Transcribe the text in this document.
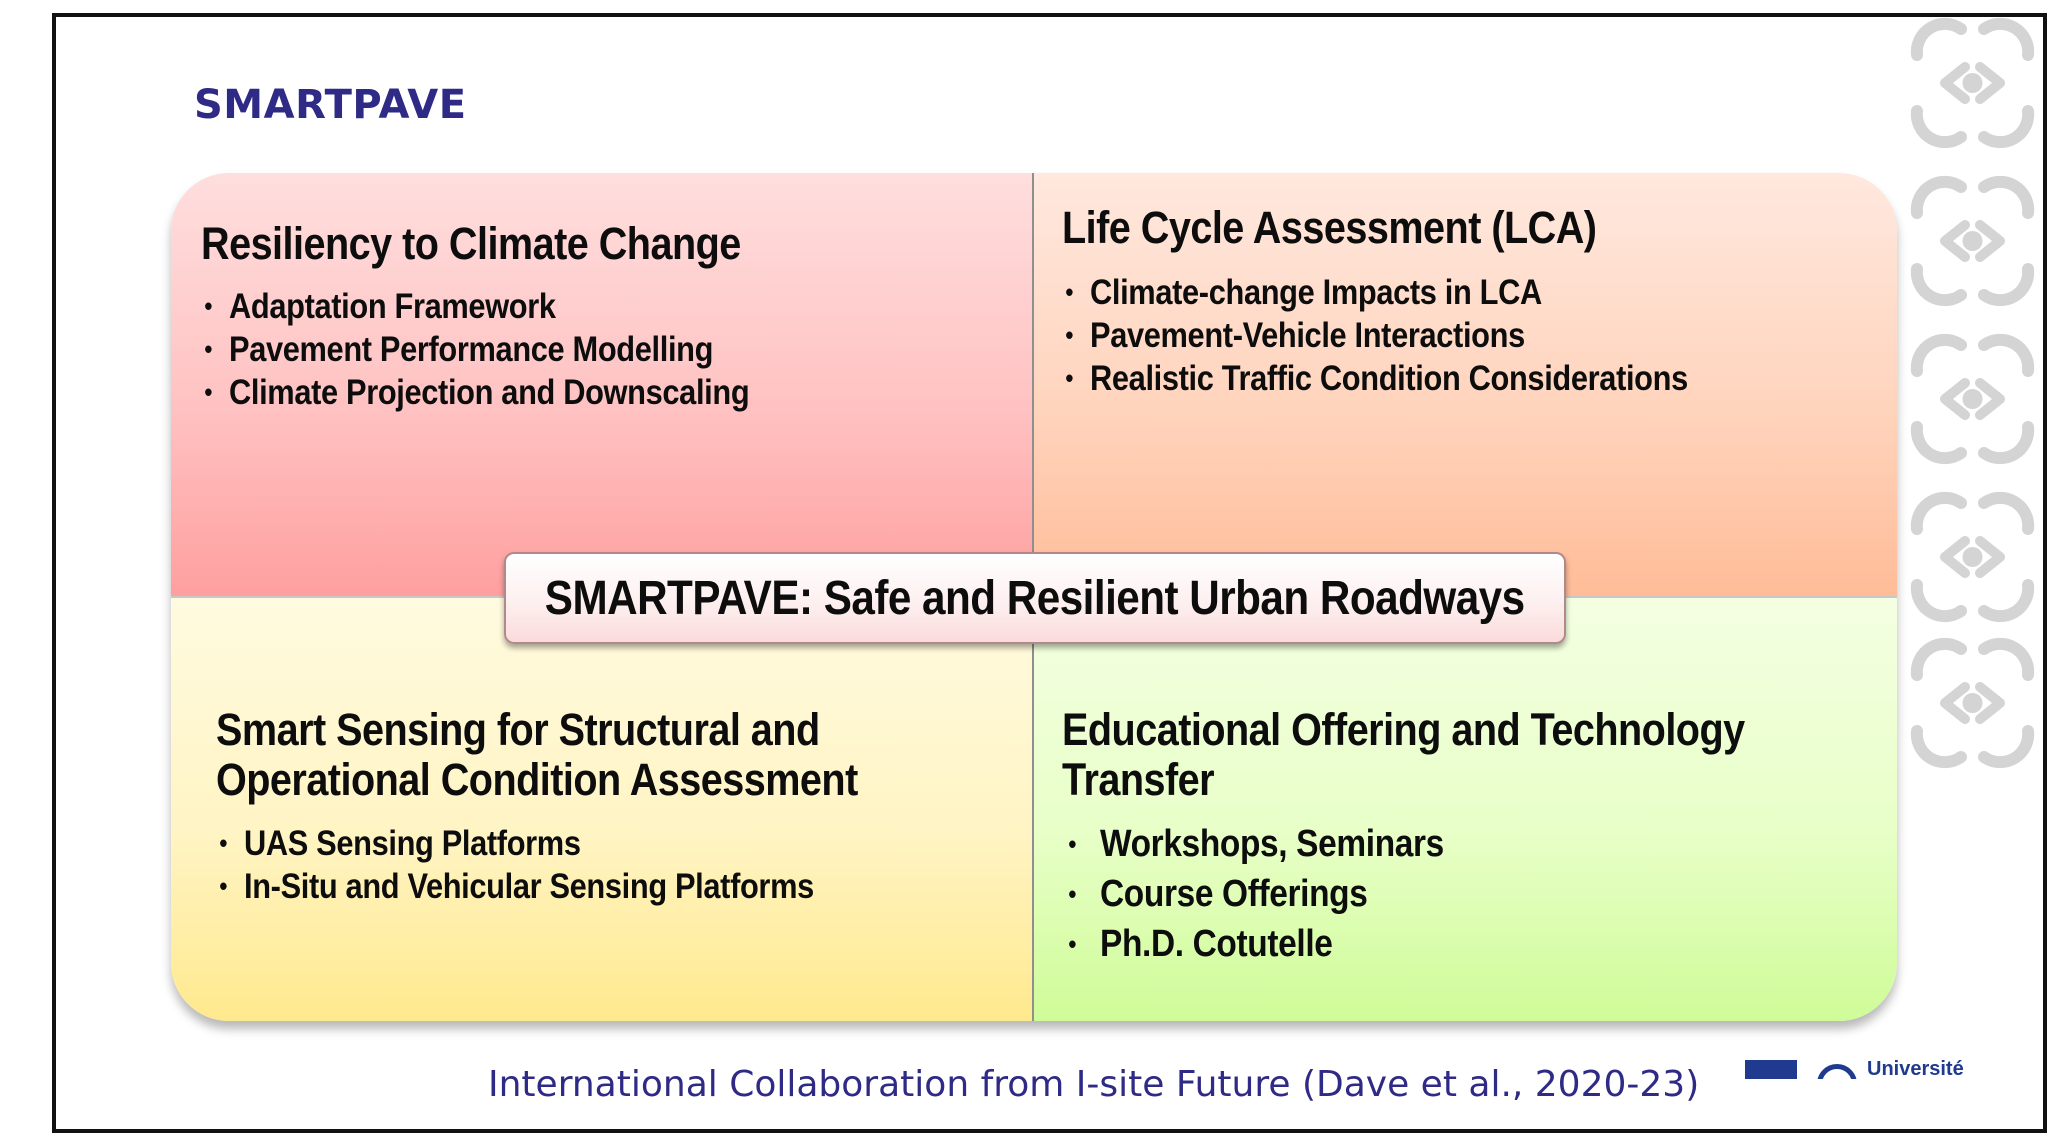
SMARTPAVE
Resiliency to Climate Change
• Adaptation Framework
• Pavement Performance Modelling
• Climate Projection and Downscaling
Life Cycle Assessment (LCA)
• Climate-change Impacts in LCA
• Pavement-Vehicle Interactions
• Realistic Traffic Condition Considerations
Smart Sensing for Structural and
Operational Condition Assessment
• UAS Sensing Platforms
• In-Situ and Vehicular Sensing Platforms
Educational Offering and Technology
Transfer
• Workshops, Seminars
• Course Offerings
• Ph.D. Cotutelle
SMARTPAVE: Safe and Resilient Urban Roadways

International Collaboration from I-site Future (Dave et al., 2020-23)	Université
